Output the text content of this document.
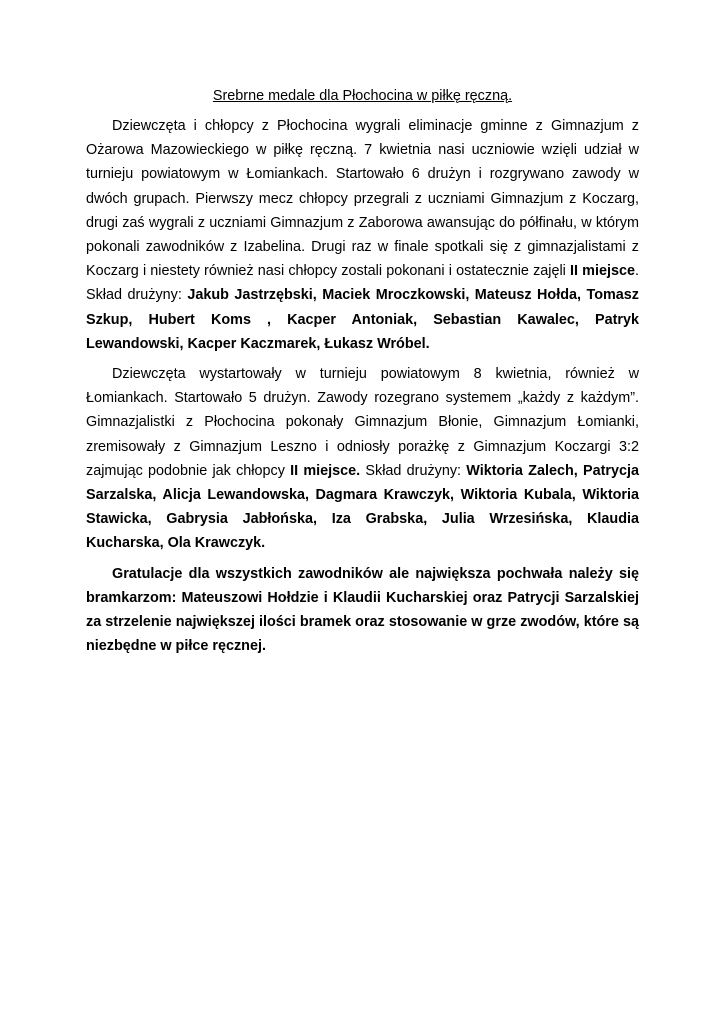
Srebrne medale dla Płochocina w piłkę ręczną.

Dziewczęta i chłopcy z Płochocina wygrali eliminacje gminne z Gimnazjum z Ożarowa Mazowieckiego w piłkę ręczną. 7 kwietnia nasi uczniowie wzięli udział w turnieju powiatowym w Łomiankach. Startowało 6 drużyn i rozgrywano zawody w dwóch grupach. Pierwszy mecz chłopcy przegrali z uczniami Gimnazjum z Koczarg, drugi zaś wygrali z uczniami Gimnazjum z Zaborowa awansując do półfinału, w którym pokonali zawodników z Izabelina. Drugi raz w finale spotkali się z gimnazjalistami z Koczarg i niestety również nasi chłopcy zostali pokonani i ostatecznie zajęli II miejsce. Skład drużyny: Jakub Jastrzębski, Maciek Mroczkowski, Mateusz Hołda, Tomasz Szkup, Hubert Koms , Kacper Antoniak, Sebastian Kawalec, Patryk Lewandowski, Kacper Kaczmarek, Łukasz Wróbel.

Dziewczęta wystartowały w turnieju powiatowym 8 kwietnia, również w Łomiankach. Startowało 5 drużyn. Zawody rozegrano systemem „każdy z każdym”. Gimnazjalistki z Płochocina pokonały Gimnazjum Błonie, Gimnazjum Łomianki, zremisowały z Gimnazjum Leszno i odniosły porażkę z Gimnazjum Koczargi 3:2 zajmując podobnie jak chłopcy II miejsce. Skład drużyny: Wiktoria Zalech, Patrycja Sarzalska, Alicja Lewandowska, Dagmara Krawczyk, Wiktoria Kubala, Wiktoria Stawicka, Gabrysia Jabłońska, Iza Grabska, Julia Wrzesińska, Klaudia Kucharska, Ola Krawczyk.

Gratulacje dla wszystkich zawodników ale największa pochwała należy się bramkarzom: Mateuszowi Hołdzie i Klaudii Kucharskiej oraz Patrycji Sarzalskiej za strzelenie największej ilości bramek oraz stosowanie w grze zwodów, które są niezbędne w piłce ręcznej.
